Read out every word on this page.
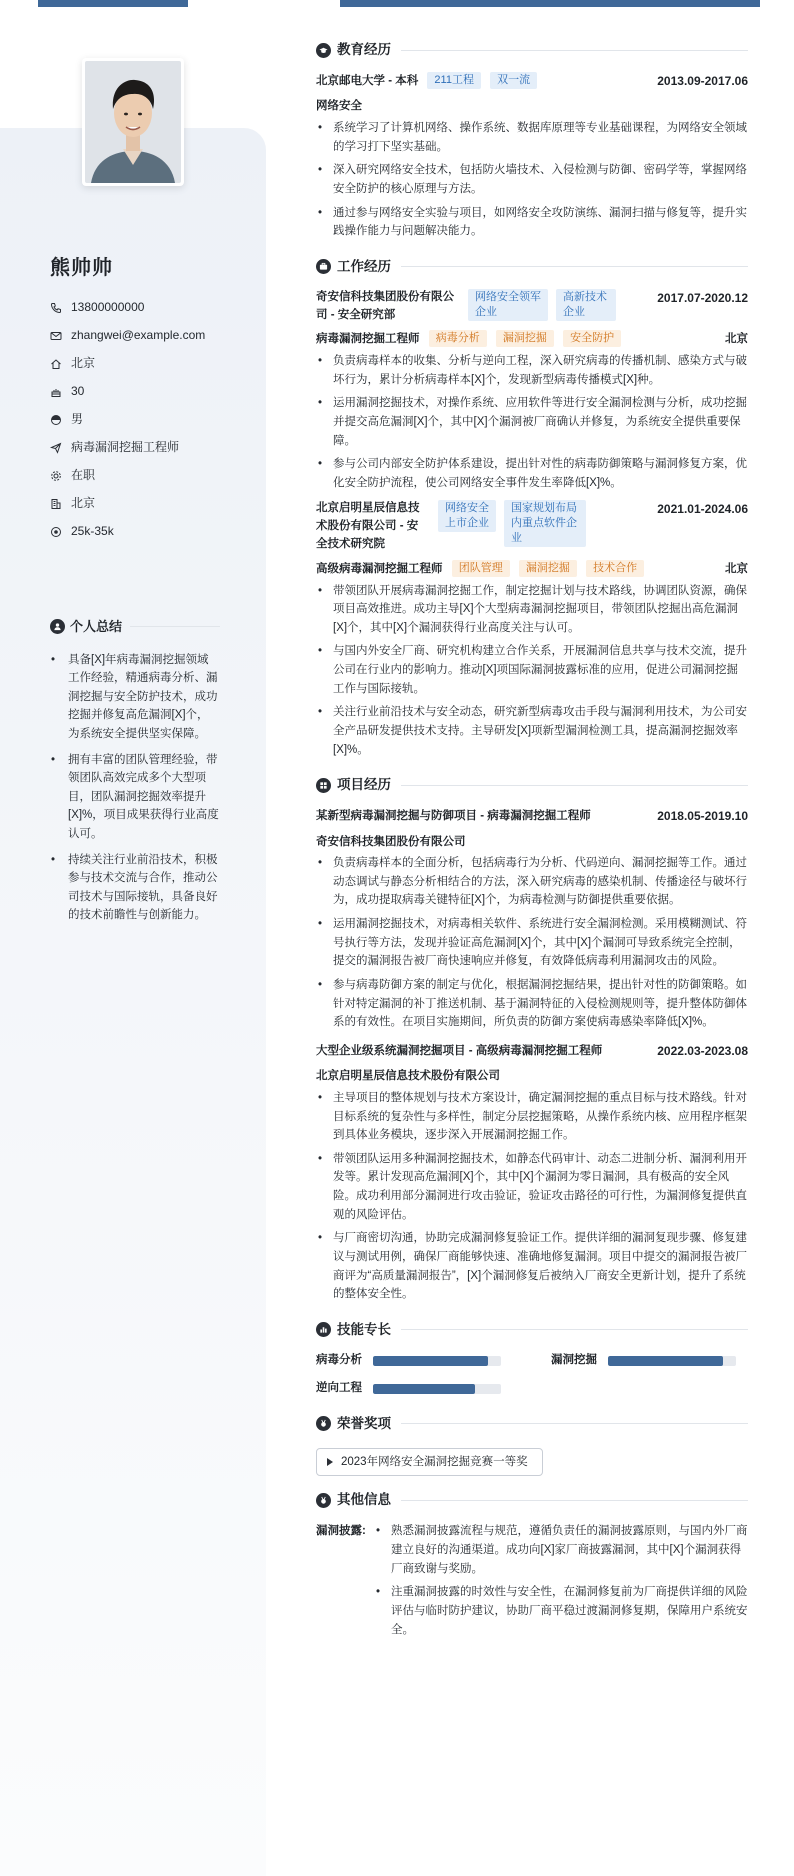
熊帅帅
13800000000
zhangwei@example.com
北京
30
男
病毒漏洞挖掘工程师
在职
北京
25k-35k
个人总结
• 具备[X]年病毒漏洞挖掘领域工作经验，精通病毒分析、漏洞挖掘与安全防护技术，成功挖掘并修复高危漏洞[X]个，为系统安全提供坚实保障。
• 拥有丰富的团队管理经验，带领团队高效完成多个大型项目，团队漏洞挖掘效率提升[X]%，项目成果获得行业高度认可。
• 持续关注行业前沿技术，积极参与技术交流与合作，推动公司技术与国际接轨，具备良好的技术前瞻性与创新能力。
教育经历
北京邮电大学 - 本科 211工程 双一流	2013.09-2017.06
网络安全
• 系统学习了计算机网络、操作系统、数据库原理等专业基础课程，为网络安全领域的学习打下坚实基础。
• 深入研究网络安全技术，包括防火墙技术、入侵检测与防御、密码学等，掌握网络安全防护的核心原理与方法。
• 通过参与网络安全实验与项目，如网络安全攻防演练、漏洞扫描与修复等，提升实践操作能力与问题解决能力。
工作经历
奇安信科技集团股份有限公司 - 安全研究部
网络安全领军企业
高新技术企业
2017.07-2020.12
病毒漏洞挖掘工程师 病毒分析 漏洞挖掘 安全防护	北京
• 负责病毒样本的收集、分析与逆向工程，深入研究病毒的传播机制、感染方式与破坏行为，累计分析病毒样本[X]个，发现新型病毒传播模式[X]种。
• 运用漏洞挖掘技术，对操作系统、应用软件等进行安全漏洞检测与分析，成功挖掘并提交高危漏洞[X]个，其中[X]个漏洞被厂商确认并修复，为系统安全提供重要保障。
• 参与公司内部安全防护体系建设，提出针对性的病毒防御策略与漏洞修复方案，优化安全防护流程，使公司网络安全事件发生率降低[X]%。
北京启明星辰信息技术股份有限公司 - 安全技术研究院
网络安全上市企业
国家规划布局内重点软件企业
2021.01-2024.06
高级病毒漏洞挖掘工程师 团队管理 漏洞挖掘 技术合作	北京
• 带领团队开展病毒漏洞挖掘工作，制定挖掘计划与技术路线，协调团队资源，确保项目高效推进。成功主导[X]个大型病毒漏洞挖掘项目，带领团队挖掘出高危漏洞[X]个，其中[X]个漏洞获得行业高度关注与认可。
• 与国内外安全厂商、研究机构建立合作关系，开展漏洞信息共享与技术交流，提升公司在行业内的影响力。推动[X]项国际漏洞披露标准的应用，促进公司漏洞挖掘工作与国际接轨。
• 关注行业前沿技术与安全动态，研究新型病毒攻击手段与漏洞利用技术，为公司安全产品研发提供技术支持。主导研发[X]项新型漏洞检测工具，提高漏洞挖掘效率[X]%。
项目经历
某新型病毒漏洞挖掘与防御项目 - 病毒漏洞挖掘工程师	2018.05-2019.10
奇安信科技集团股份有限公司
• 负责病毒样本的全面分析，包括病毒行为分析、代码逆向、漏洞挖掘等工作。通过动态调试与静态分析相结合的方法，深入研究病毒的感染机制、传播途径与破坏行为，成功提取病毒关键特征[X]个，为病毒检测与防御提供重要依据。
• 运用漏洞挖掘技术，对病毒相关软件、系统进行安全漏洞检测。采用模糊测试、符号执行等方法，发现并验证高危漏洞[X]个，其中[X]个漏洞可导致系统完全控制，提交的漏洞报告被厂商快速响应并修复，有效降低病毒利用漏洞攻击的风险。
• 参与病毒防御方案的制定与优化，根据漏洞挖掘结果，提出针对性的防御策略。如针对特定漏洞的补丁推送机制、基于漏洞特征的入侵检测规则等，提升整体防御体系的有效性。在项目实施期间，所负责的防御方案使病毒感染率降低[X]%。
大型企业级系统漏洞挖掘项目 - 高级病毒漏洞挖掘工程师	2022.03-2023.08
北京启明星辰信息技术股份有限公司
• 主导项目的整体规划与技术方案设计，确定漏洞挖掘的重点目标与技术路线。针对目标系统的复杂性与多样性，制定分层挖掘策略，从操作系统内核、应用程序框架到具体业务模块，逐步深入开展漏洞挖掘工作。
• 带领团队运用多种漏洞挖掘技术，如静态代码审计、动态二进制分析、漏洞利用开发等。累计发现高危漏洞[X]个，其中[X]个漏洞为零日漏洞，具有极高的安全风险。成功利用部分漏洞进行攻击验证，验证攻击路径的可行性，为漏洞修复提供直观的风险评估。
• 与厂商密切沟通，协助完成漏洞修复验证工作。提供详细的漏洞复现步骤、修复建议与测试用例，确保厂商能够快速、准确地修复漏洞。项目中提交的漏洞报告被厂商评为“高质量漏洞报告”，[X]个漏洞修复后被纳入厂商安全更新计划，提升了系统的整体安全性。
技能专长
病毒分析	漏洞挖掘
逆向工程
荣誉奖项
2023年网络安全漏洞挖掘竞赛一等奖
其他信息
漏洞披露:
•	熟悉漏洞披露流程与规范，遵循负责任的漏洞披露原则，与国内外厂商建立良好的沟通渠道。成功向[X]家厂商披露漏洞，其中[X]个漏洞获得厂商致谢与奖励。
• 注重漏洞披露的时效性与安全性，在漏洞修复前为厂商提供详细的风险评估与临时防护建议，协助厂商平稳过渡漏洞修复期，保障用户系统安全。
